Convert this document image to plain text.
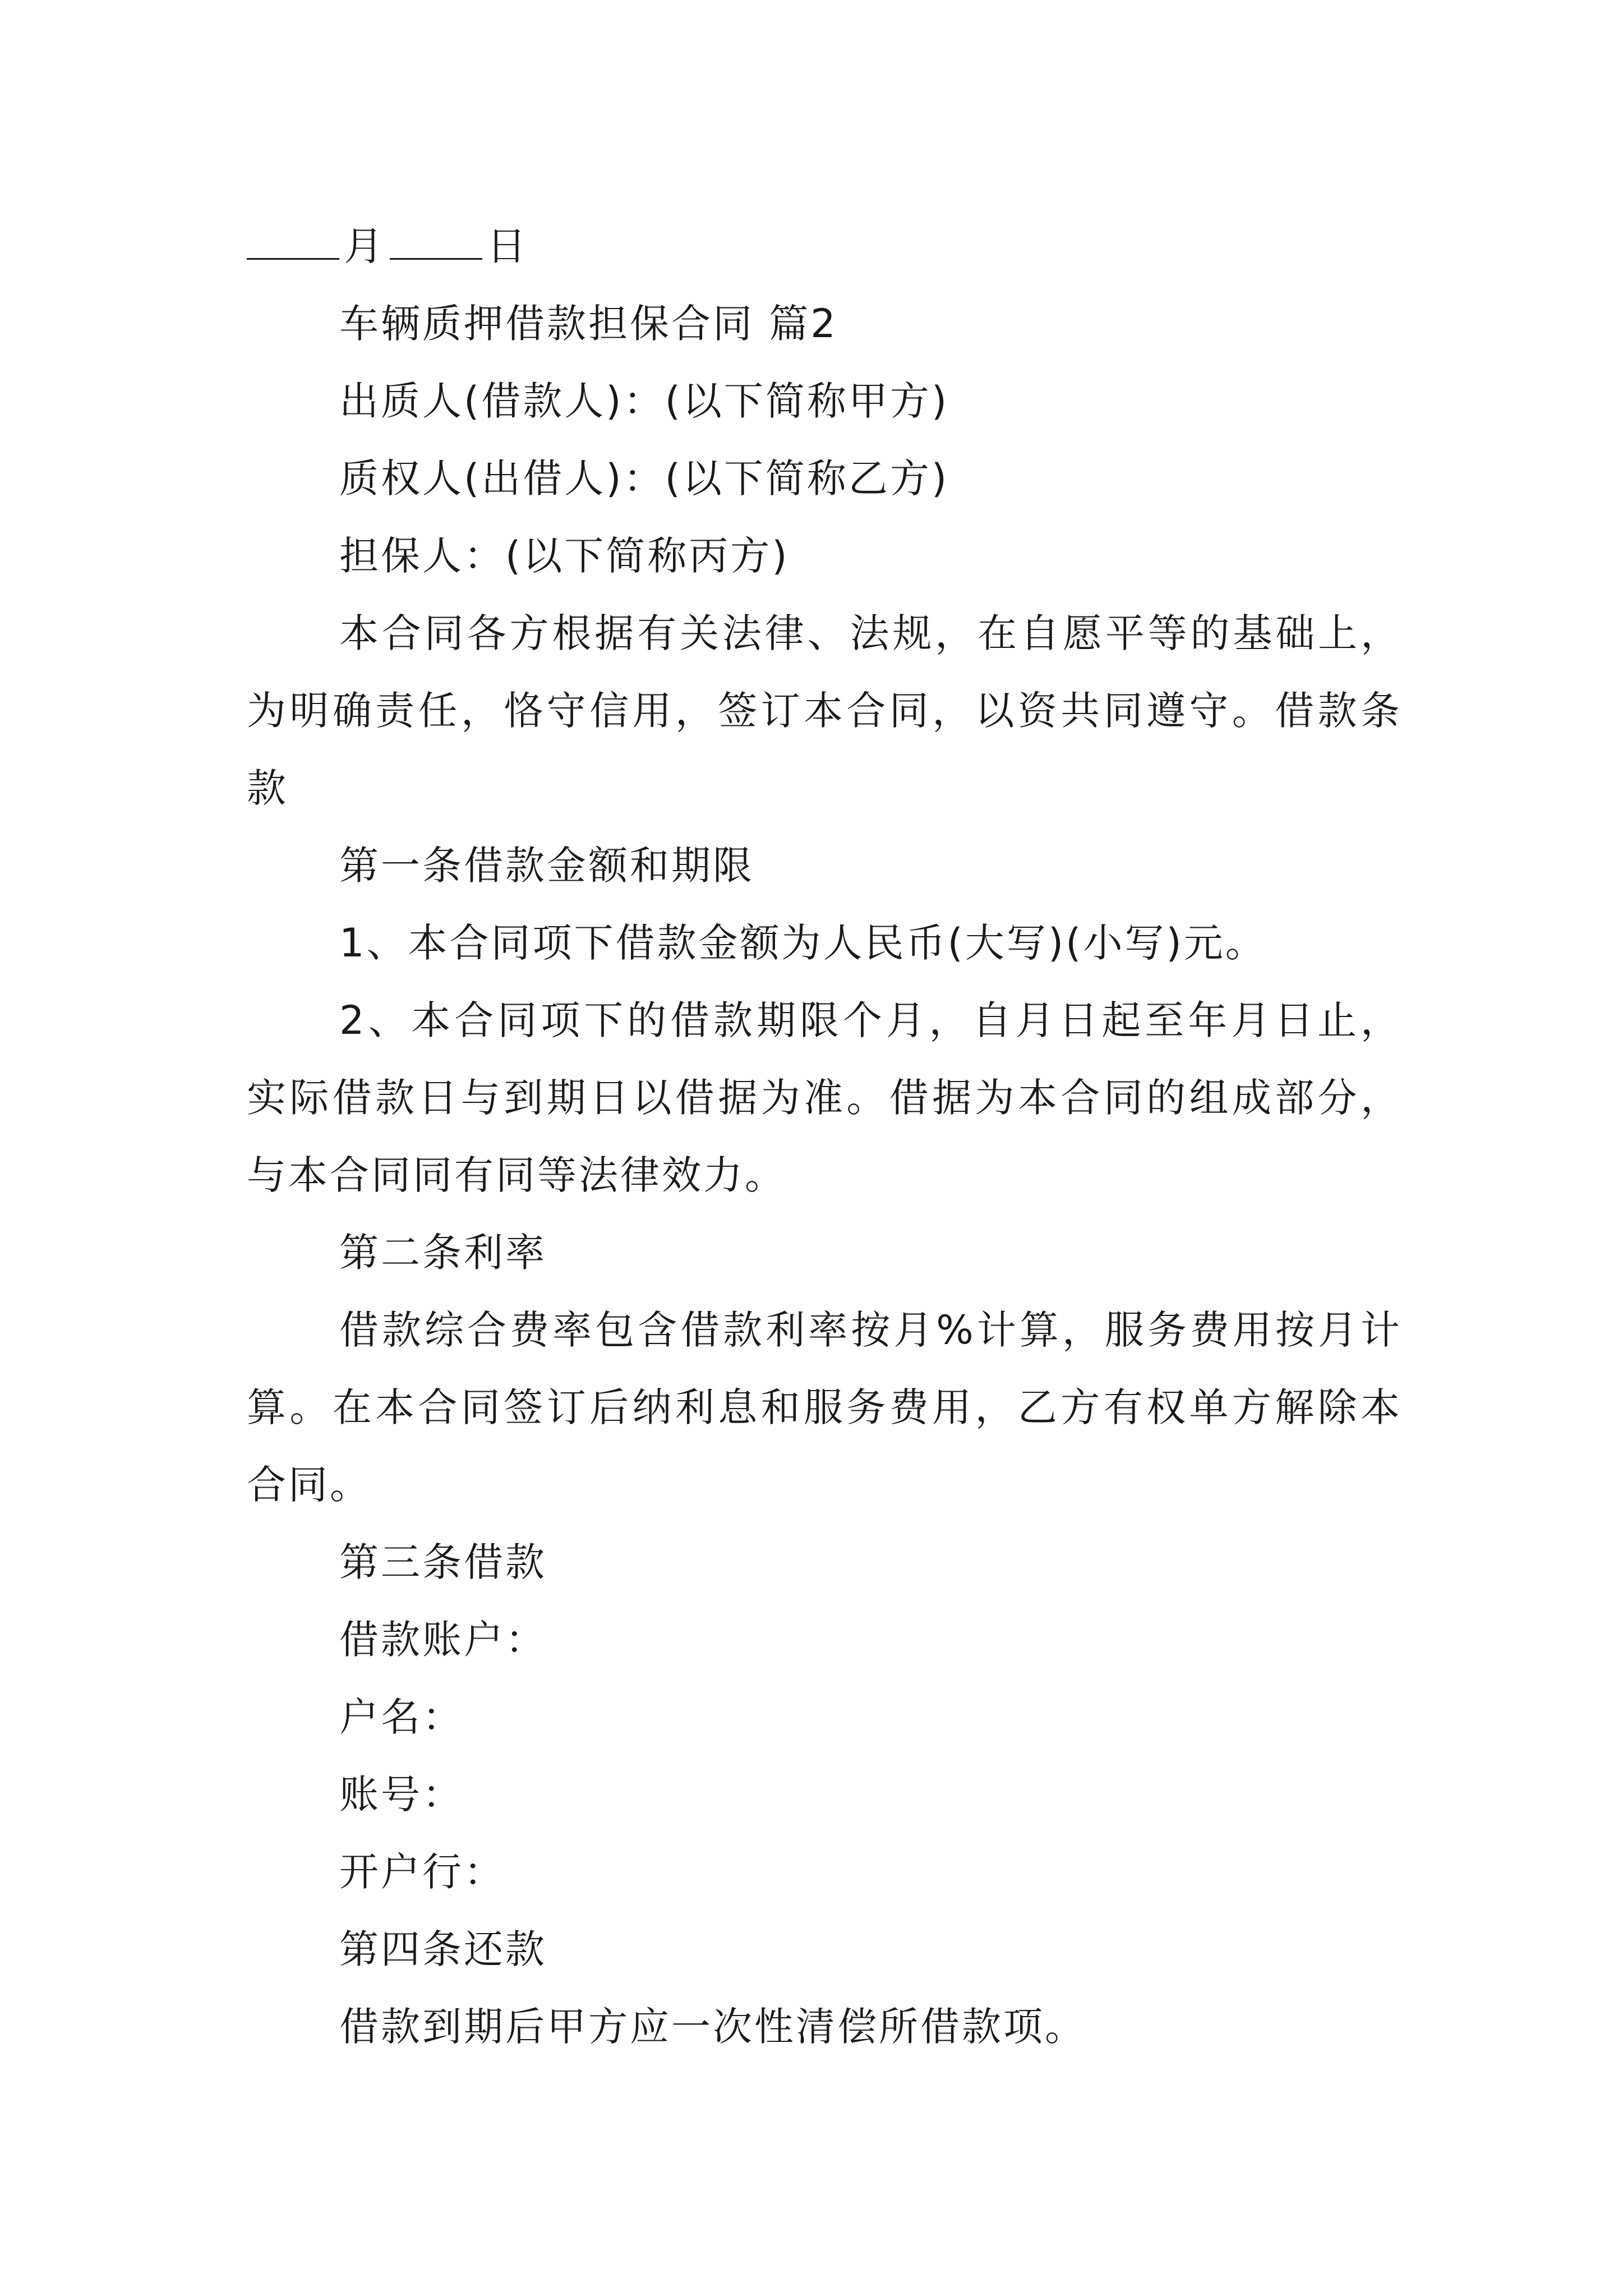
月	日

车辆质押借款担保合同 篇2

出质人(借款人)：(以下简称甲方)

质权人(出借人)：(以下简称乙方)

担保人：(以下简称丙方)

本合同各方根据有关法律、法规，在自愿平等的基础上，为明确责任，恪守信用，签订本合同，以资共同遵守。借款条款

第一条借款金额和期限

1、本合同项下借款金额为人民币(大写)(小写)元。

2、本合同项下的借款期限个月，自月日起至年月日止，实际借款日与到期日以借据为准。借据为本合同的组成部分，与本合同同有同等法律效力。

第二条利率

借款综合费率包含借款利率按月%计算，服务费用按月计算。在本合同签订后纳利息和服务费用，乙方有权单方解除本合同。

第三条借款

借款账户：

户名：

账号：

开户行：

第四条还款

借款到期后甲方应一次性清偿所借款项。
